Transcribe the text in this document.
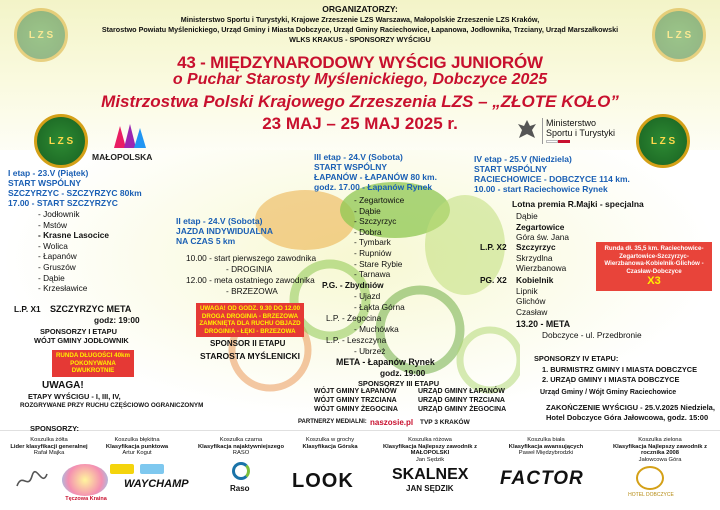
ORGANIZATORZY:
Ministerstwo Sportu i Turystyki, Krajowe Zrzeszenie LZS Warszawa, Małopolskie Zrzeszenie LZS Kraków,
Starostwo Powiatu Myślenickiego, Urząd Gminy i Miasta Dobczyce, Urząd Gminy Raciechowice, Łapanowa, Jodłownika, Trzciany, Urząd Marszałkowski
WLKS KRAKUS - SPONSORZY WYŚCIGU
L Z S	L Z S
43 - MIĘDZYNARODOWY WYŚCIG JUNIORÓW
o Puchar Starosty Myślenickiego, Dobczyce 2025
Mistrzostwa Polski Krajowego Zrzeszenia LZS – „ZŁOTE KOŁO”
23 MAJ – 25 MAJ 2025 r.
L Z S	L Z S
MAŁOPOLSKA
Ministerstwo
Sportu i Turystyki
I etap - 23.V (Piątek)
START WSPÓLNY
SZCZYRZYC - SZCZYRZYC 80km
17.00 - START SZCZYRZYC
- Jodłownik
- Mstów
- Krasne Lasocice
- Wolica
- Łapanów
- Gruszów
- Dąbie
- Krzesławice
L.P. X1 SZCZYRZYC META
godz: 19:00
SPONSORZY I ETAPU
WÓJT GMINY JODŁOWNIK
RUNDA DŁUGOŚCI 40km POKONYWANA DWUKROTNIE
UWAGA!
ETAPY WYŚCIGU - I, III, IV,
ROZGRYWANE PRZY RUCHU CZĘŚCIOWO OGRANICZONYM
II etap - 24.V (Sobota)
JAZDA INDYWIDUALNA
NA CZAS 5 km
10.00 - start pierwszego zawodnika
- DROGINIA
12.00 - meta ostatniego zawodnika
- BRZEZOWA
UWAGA! OD GODZ. 9.30 DO 12.00 DROGA DROGINIA - BRZEZOWA ZAMKNIĘTA DLA RUCHU OBJAZD DROGINIA - ŁĘKI - BRZEZOWA
SPONSOR II ETAPU
STAROSTA MYŚLENICKI
III etap - 24.V (Sobota)
START WSPÓLNY
ŁAPANÓW - ŁAPANÓW 80 km.
godz. 17.00 - Łapanów Rynek
- Zegartowice
- Dąbie
- Szczyrzyc
- Dobra
- Tymbark
- Rupniów
- Stare Rybie
- Tarnawa
P.G. - Zbydniów
- Ujazd
- Łąkta Górna
L.P. - Żegocina
- Muchówka
L.P. - Leszczyna
- Ubrzeż
META - Łapanów Rynek
godz. 19:00
SPONSORZY III ETAPU
WÓJT GMINY ŁAPANÓW
WÓJT GMINY TRZCIANA
WÓJT GMINY ŻEGOCINA
URZĄD GMINY ŁAPANÓW
URZĄD GMINY TRZCIANA
URZĄD GMINY ŻEGOCINA
IV etap - 25.V (Niedziela)
START WSPÓLNY
RACIECHOWICE - DOBCZYCE 114 km.
10.00 - start Raciechowice Rynek
Lotna premia R.Majki - specjalna
Dąbie
Zegartowice
Góra św. Jana
L.P. X2 Szczyrzyc
Skrzydlna
Wierzbanowa
PG. X2 Kobielnik
Lipnik
Glichów
Czasław
13.20 - META
Dobczyce - ul. Przedbronie
Runda dł. 35,5 km. Raciechowice-Zegartowice-Szczyrzyc-Wierzbanowa-Kobielnik-Glichów -Czasław-Dobczyce
X3
SPONSORZY IV ETAPU:
1. BURMISTRZ GMINY I MIASTA DOBCZYCE
2. URZĄD GMINY I MIASTA DOBCZYCE
Urząd Gminy / Wójt Gminy Raciechowice
ZAKOŃCZENIE WYŚCIGU - 25.V.2025 Niedziela,
Hotel Dobczyce Góra Jałowcowa, godz. 15:00
PARTNERZY MEDIALNI: naszosie.pl TVP 3 KRAKÓW
SPONSORZY:
Koszulka żółta
Lider klasyfikacji generalnej
Rafał Majka
Koszulka błękitna
Klasyfikacja punktowa
Artur Kogut
Koszulka czarna
Klasyfikacja najaktywniejszego
RASO
Koszulka w grochy
Klasyfikacja Górska
Koszulka różowa
Klasyfikacja Najlepszy zawodnik z MAŁOPOLSKI
Jan Sędzik
Koszulka biała
Klasyfikacja awansujących
Paweł Międzybrodzki
Koszulka zielona
Klasyfikacja Najlepszy zawodnik z rocznika 2008
Jałowcowa Góra
Tęczowa Kraina
WAYCHAMP	Raso LOOK SKALNEX
JAN SĘDZIK FACTOR
HOTEL DOBCZYCE
